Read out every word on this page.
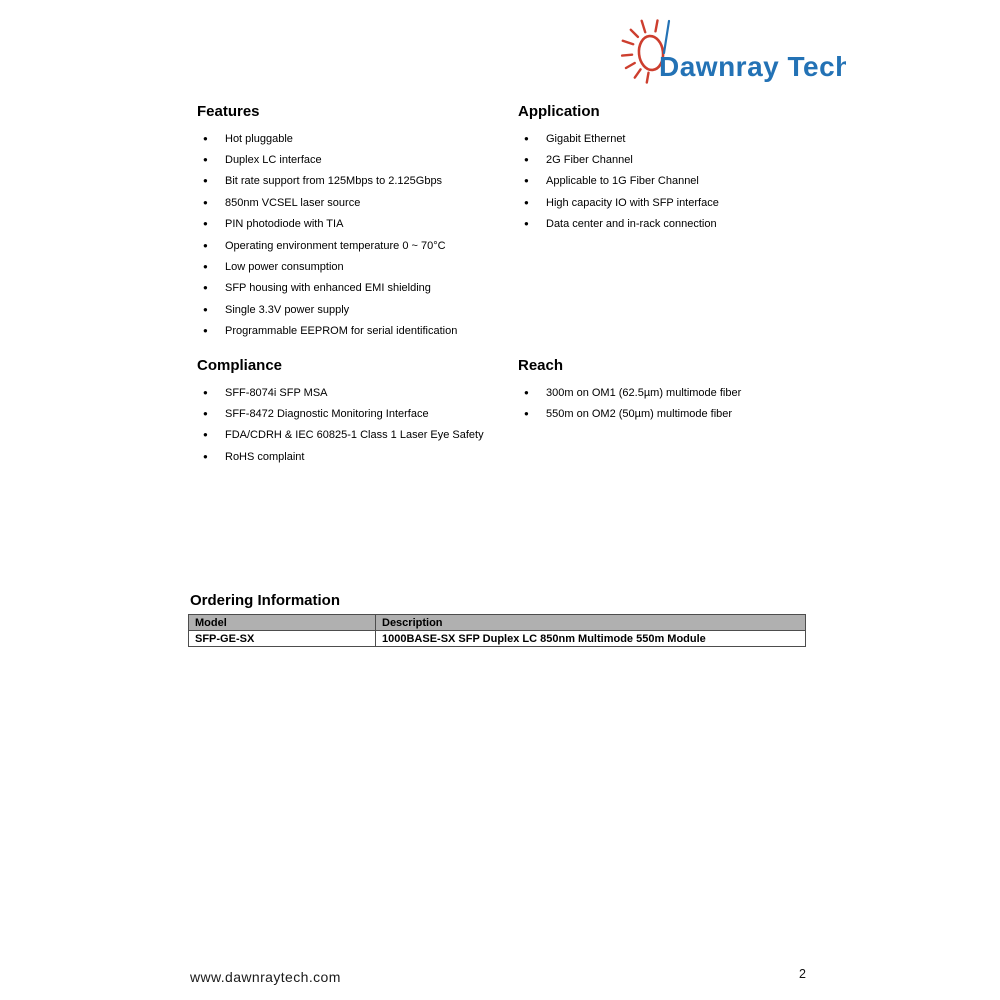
Dawnray Tech
Features
●	Hot pluggable
●	Duplex LC interface
●	Bit rate support from 125Mbps to 2.125Gbps
●	850nm VCSEL laser source
●	PIN photodiode with TIA
●	Operating environment temperature 0 ~ 70°C
●	Low power consumption
●	SFP housing with enhanced EMI shielding
●	Single 3.3V power supply
●	Programmable EEPROM for serial identification
Application
●	Gigabit Ethernet
●	2G Fiber Channel
●	Applicable to 1G Fiber Channel
●	High capacity IO with SFP interface
●	Data center and in-rack connection
Compliance
●	SFF-8074i SFP MSA
●	SFF-8472 Diagnostic Monitoring Interface
●	FDA/CDRH & IEC 60825-1 Class 1 Laser Eye Safety
●	RoHS complaint
Reach
●	300m on OM1 (62.5µm) multimode fiber
●	550m on OM2 (50µm) multimode fiber
Ordering Information
Model	Description
SFP-GE-SX	1000BASE-SX SFP Duplex LC 850nm Multimode 550m Module
www.dawnraytech.com	2
